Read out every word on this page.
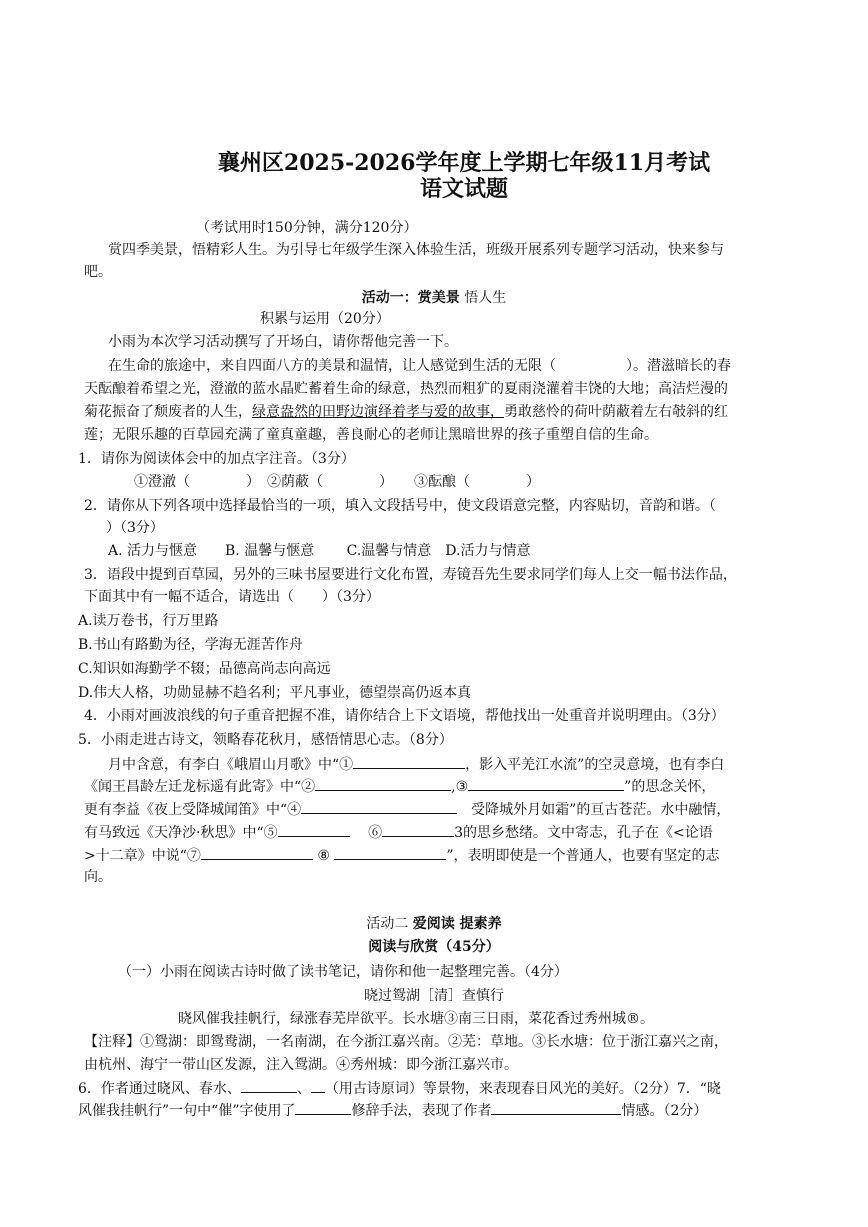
襄州区2025-2026学年度上学期七年级11月考试
语文试题
（考试用时150分钟，满分120分）
赏四季美景，悟精彩人生。为引导七年级学生深入体验生活，班级开展系列专题学习活动，快来参与
吧。
活动一：赏美景 悟人生
积累与运用（20分）
小雨为本次学习活动撰写了开场白，请你帮他完善一下。
在生命的旅途中，来自四面八方的美景和温情，让人感觉到生活的无限（　　　　　）。潜滋暗长的春
天酝酿着希望之光，澄澈的蓝水晶贮蓄着生命的绿意，热烈而粗犷的夏雨浇灌着丰饶的大地；高洁烂漫的
菊花振奋了颓废者的人生，绿意盎然的田野边演绎着孝与爱的故事，勇敢慈怜的荷叶荫蔽着左右攲斜的红
莲；无限乐趣的百草园充满了童真童趣，善良耐心的老师让黑暗世界的孩子重塑自信的生命。
1．请你为阅读体会中的加点字注音。（3分）
①澄澈（　　　　）　②荫蔽（　　　　）　　③酝酿（　　　　）
2．请你从下列各项中选择最恰当的一项，填入文段括号中，使文段语意完整，内容贴切，音韵和谐。（
　）（3分）
A. 活力与惬意　　B. 温馨与惬意　　 C.温馨与情意　D.活力与情意
3．语段中提到百草园，另外的三味书屋要进行文化布置，寿镜吾先生要求同学们每人上交一幅书法作品，
下面其中有一幅不适合，请选出（　　）（3分）
A.读万卷书，行万里路
B.书山有路勤为径，学海无涯苦作舟
C.知识如海勤学不辍；品德高尚志向高远
D.伟大人格，功勋显赫不趋名利；平凡事业，德望崇高仍返本真
4．小雨对画波浪线的句子重音把握不准，请你结合上下文语境，帮他找出一处重音并说明理由。（3分）
5．小雨走进古诗文，领略春花秋月，感悟情思心志。（8分）
月中含意，有李白《峨眉山月歌》中“①	，影入平羌江水流”的空灵意境，也有李白
《闻王昌龄左迁龙标遥有此寄》中“②	,③	”的思念关怀，
更有李益《夜上受降城闻笛》中“④　	受降城外月如霜”的亘古苍茫。水中融情，
有马致远《天净沙·秋思》中“⑤　	⑥	3的思乡愁绪。文中寄志，孔子在《<论语
>十二章》中说“⑦	⑧	”，表明即使是一个普通人，也要有坚定的志
向。
活动二 爱阅读 提素养
阅读与欣赏（45分）
（一）小雨在阅读古诗时做了读书笔记，请你和他一起整理完善。（4分）
晓过鸳湖［清］查慎行
晓风催我挂帆行，绿涨春芜岸欲平。长水塘③南三日雨，菜花香过秀州城®。
【注释】①鸳湖：即鸳鸯湖，一名南湖，在今浙江嘉兴南。②芜：草地。③长水塘：位于浙江嘉兴之南，
由杭州、海宁一带山区发源，注入鸳湖。④秀州城：即今浙江嘉兴市。
6．作者通过晓风、春水、	、 （用古诗原词）等景物，来表现春日风光的美好。（2分）7．“晓
风催我挂帆行”一句中“催”字使用了	修辞手法，表现了作者	情感。（2分）
